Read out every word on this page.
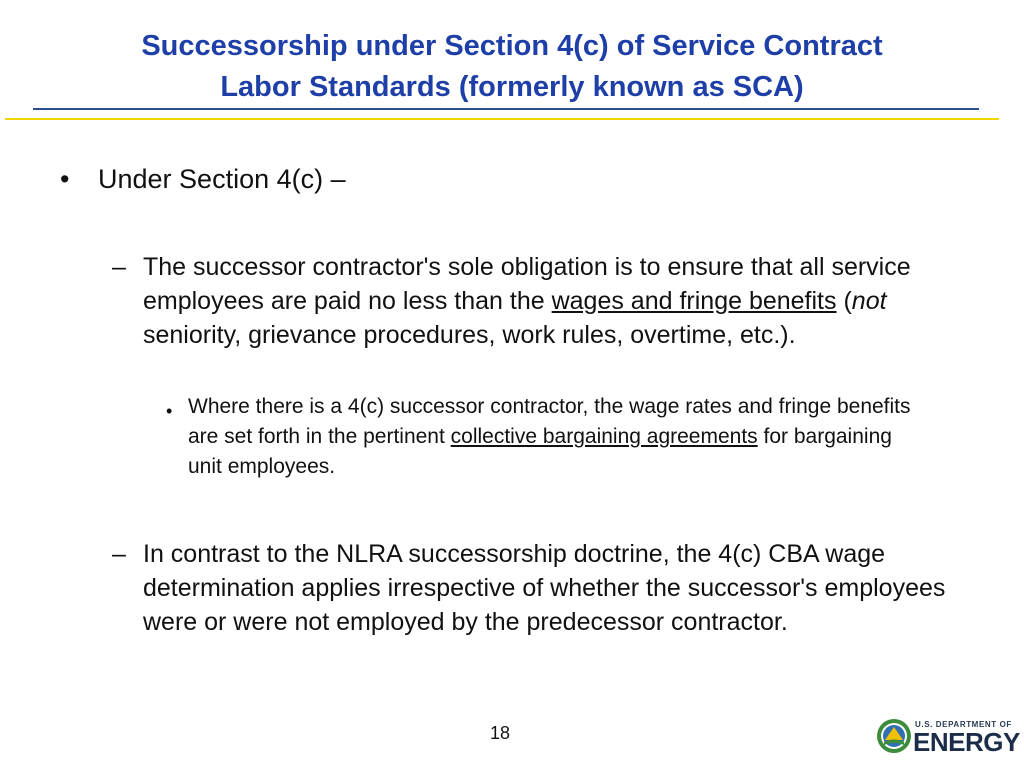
Successorship under Section 4(c) of Service Contract
Labor Standards (formerly known as SCA)
• Under Section 4(c) –
– The successor contractor's sole obligation is to ensure that all service employees are paid no less than the wages and fringe benefits (not seniority, grievance procedures, work rules, overtime, etc.).
• Where there is a 4(c) successor contractor, the wage rates and fringe benefits are set forth in the pertinent collective bargaining agreements for bargaining unit employees.
– In contrast to the NLRA successorship doctrine, the 4(c) CBA wage determination applies irrespective of whether the successor's employees were or were not employed by the predecessor contractor.
18	U.S. DEPARTMENT OF
ENERGY
